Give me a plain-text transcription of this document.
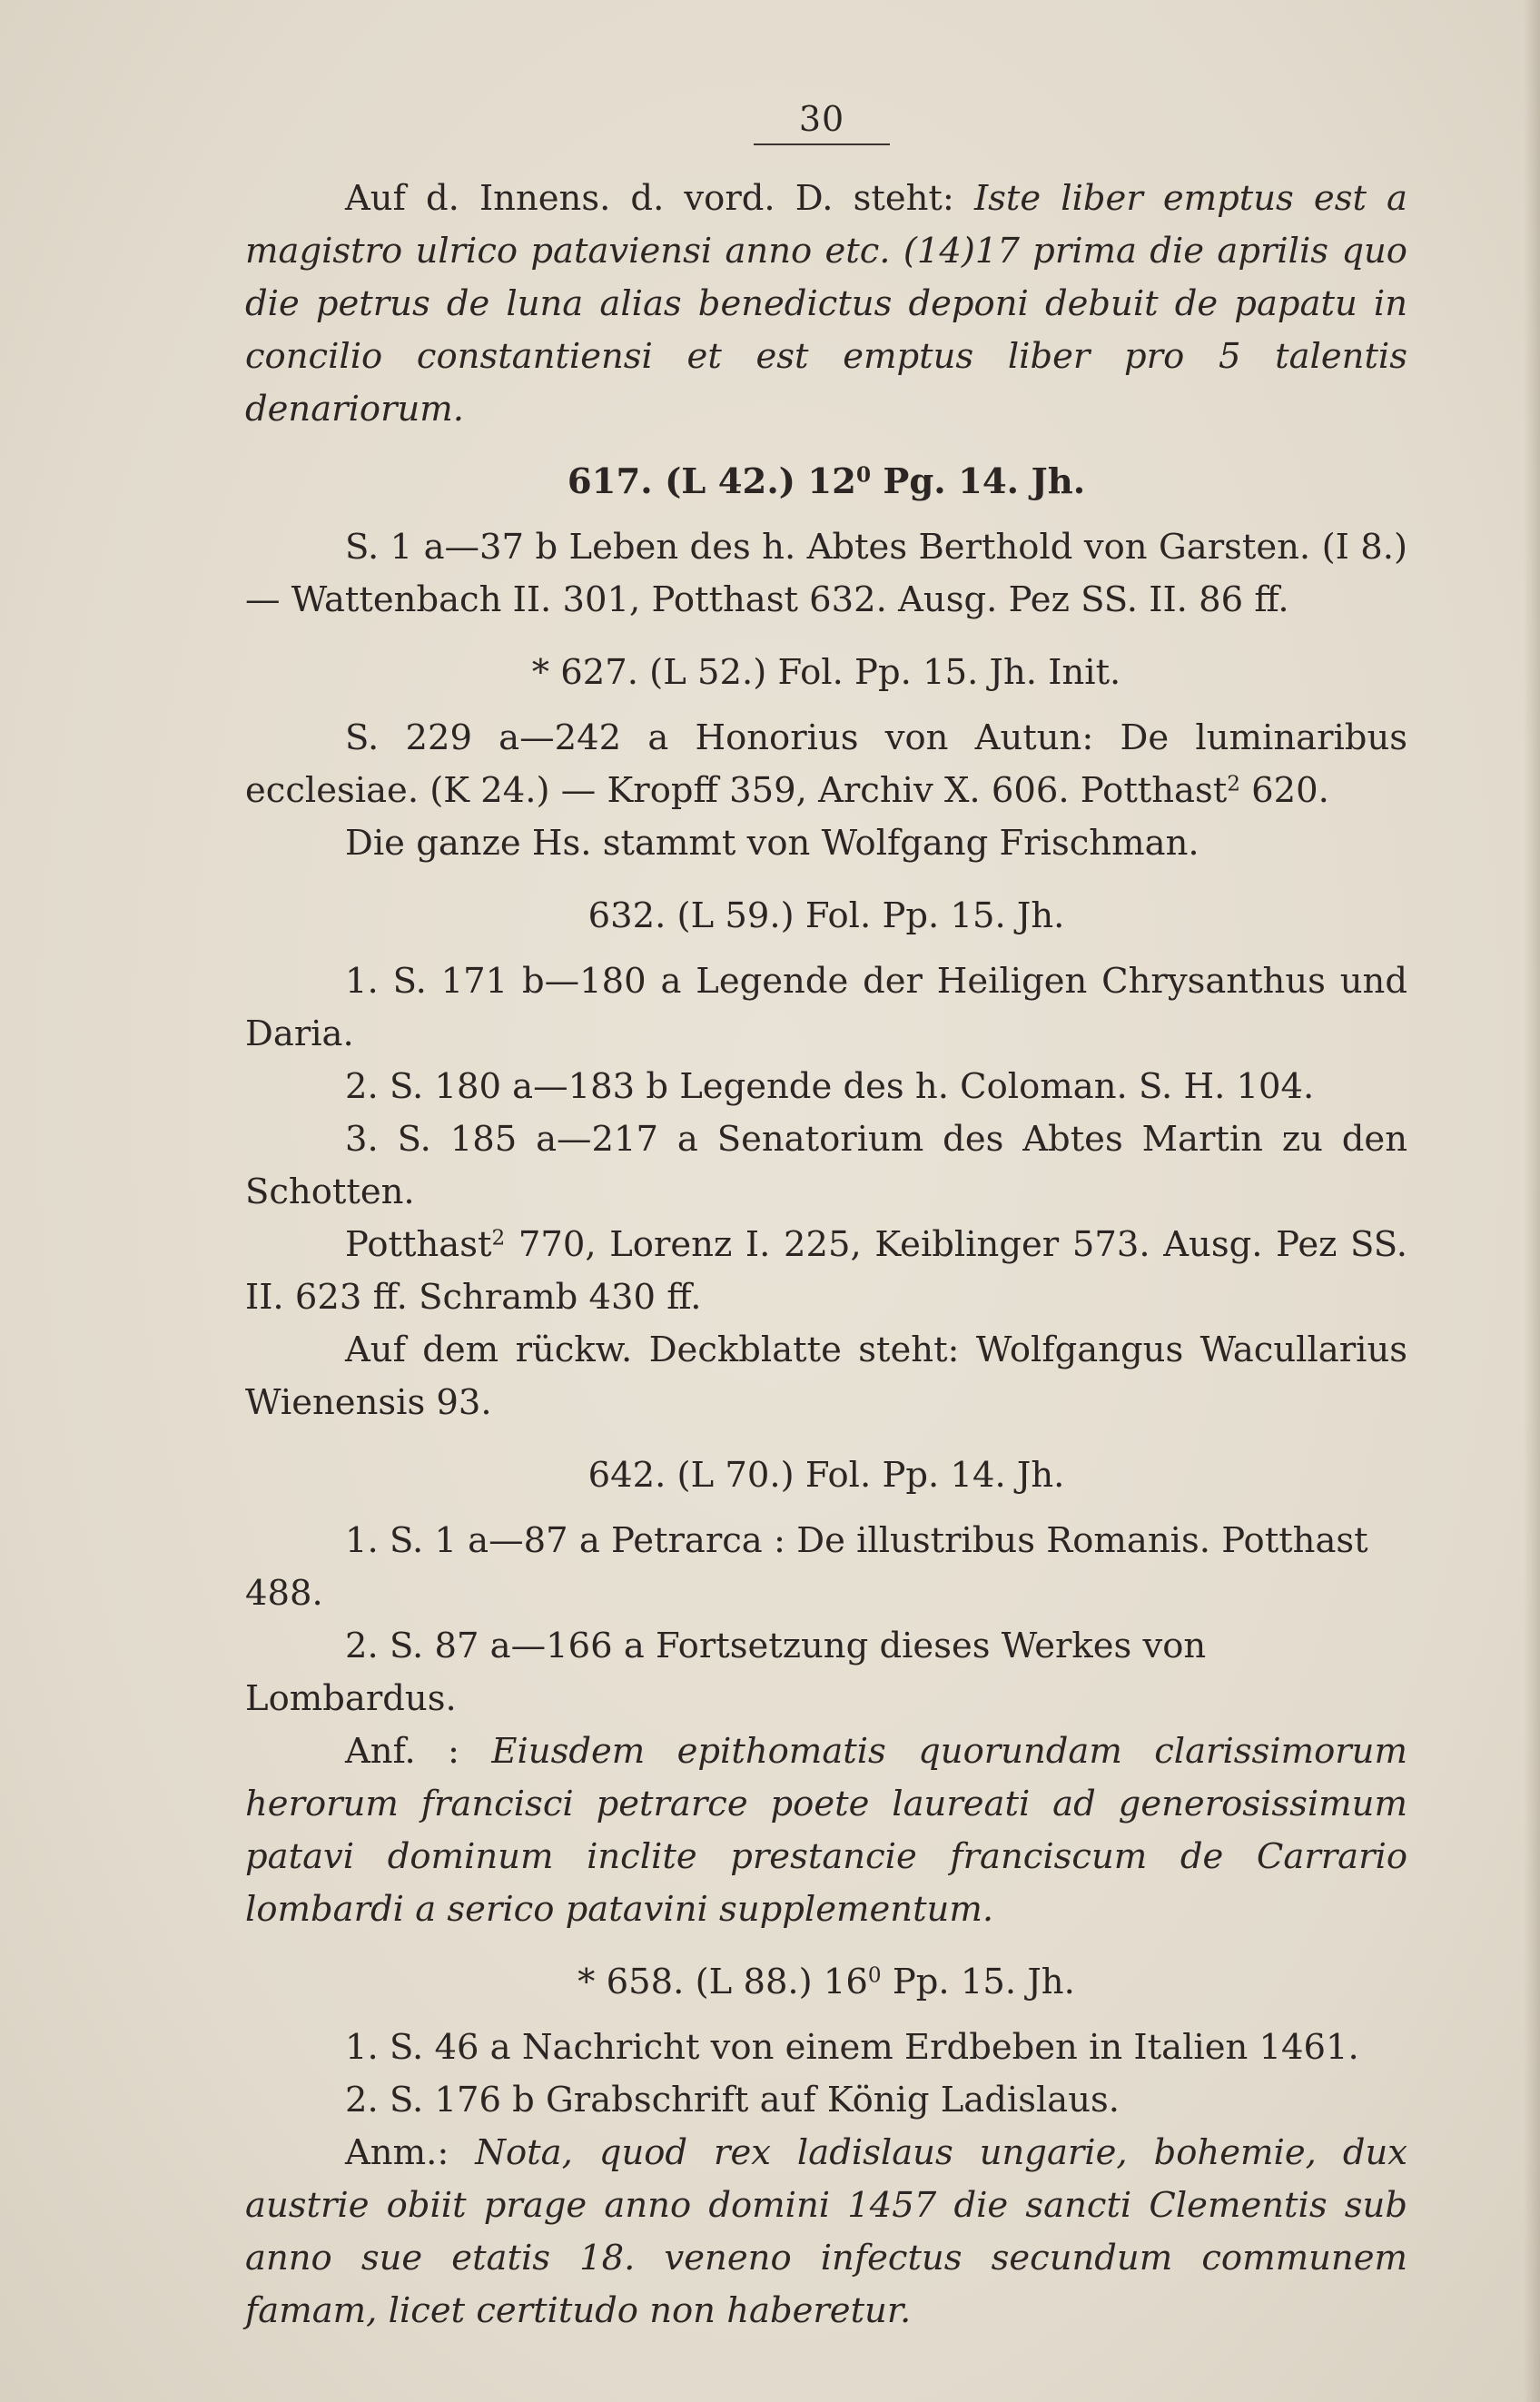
30

Auf d. Innens. d. vord. D. steht: Iste liber emptus est a magistro ulrico pataviensi anno etc. (14)17 prima die aprilis quo die petrus de luna alias benedictus deponi debuit de papatu in concilio constantiensi et est emptus liber pro 5 talentis denariorum.

617. (L 42.) $12^0$ Pg. 14. Jh.

S. 1 a—37 b Leben des h. Abtes Berthold von Garsten. (I 8.) — Wattenbach II. 301, Potthast 632. Ausg. Pez SS. II. 86 ff.

* 627. (L 52.) Fol. Pp. 15. Jh. Init.

S. 229 a—242 a Honorius von Autun: De luminaribus ecclesiae. (K 24.) — Kropff 359, Archiv X. 606. Potthast$^2$ 620.

Die ganze Hs. stammt von Wolfgang Frischman.

632. (L 59.) Fol. Pp. 15. Jh.

1. S. 171 b—180 a Legende der Heiligen Chrysanthus und Daria.

2. S. 180 a—183 b Legende des h. Coloman. S. H. 104.

3. S. 185 a—217 a Senatorium des Abtes Martin zu den Schotten.

Potthast$^2$ 770, Lorenz I. 225, Keiblinger 573. Ausg. Pez SS. II. 623 ff. Schramb 430 ff.

Auf dem rückw. Deckblatte steht: Wolfgangus Wacullarius Wienensis 93.

642. (L 70.) Fol. Pp. 14. Jh.

1. S. 1 a—87 a Petrarca : De illustribus Romanis. Potthast 488.

2. S. 87 a—166 a Fortsetzung dieses Werkes von Lombardus.

Anf. : Eiusdem epithomatis quorundam clarissimorum herorum francisci petrarce poete laureati ad generosissimum patavi dominum inclite prestancie franciscum de Carrario lombardi a serico patavini supplementum.

* 658. (L 88.) $16^0$ Pp. 15. Jh.

1. S. 46 a Nachricht von einem Erdbeben in Italien 1461.

2. S. 176 b Grabschrift auf König Ladislaus.

Anm.: Nota, quod rex ladislaus ungarie, bohemie, dux austrie obiit prage anno domini 1457 die sancti Clementis sub anno sue etatis 18. veneno infectus secundum communem famam, licet certitudo non haberetur.
